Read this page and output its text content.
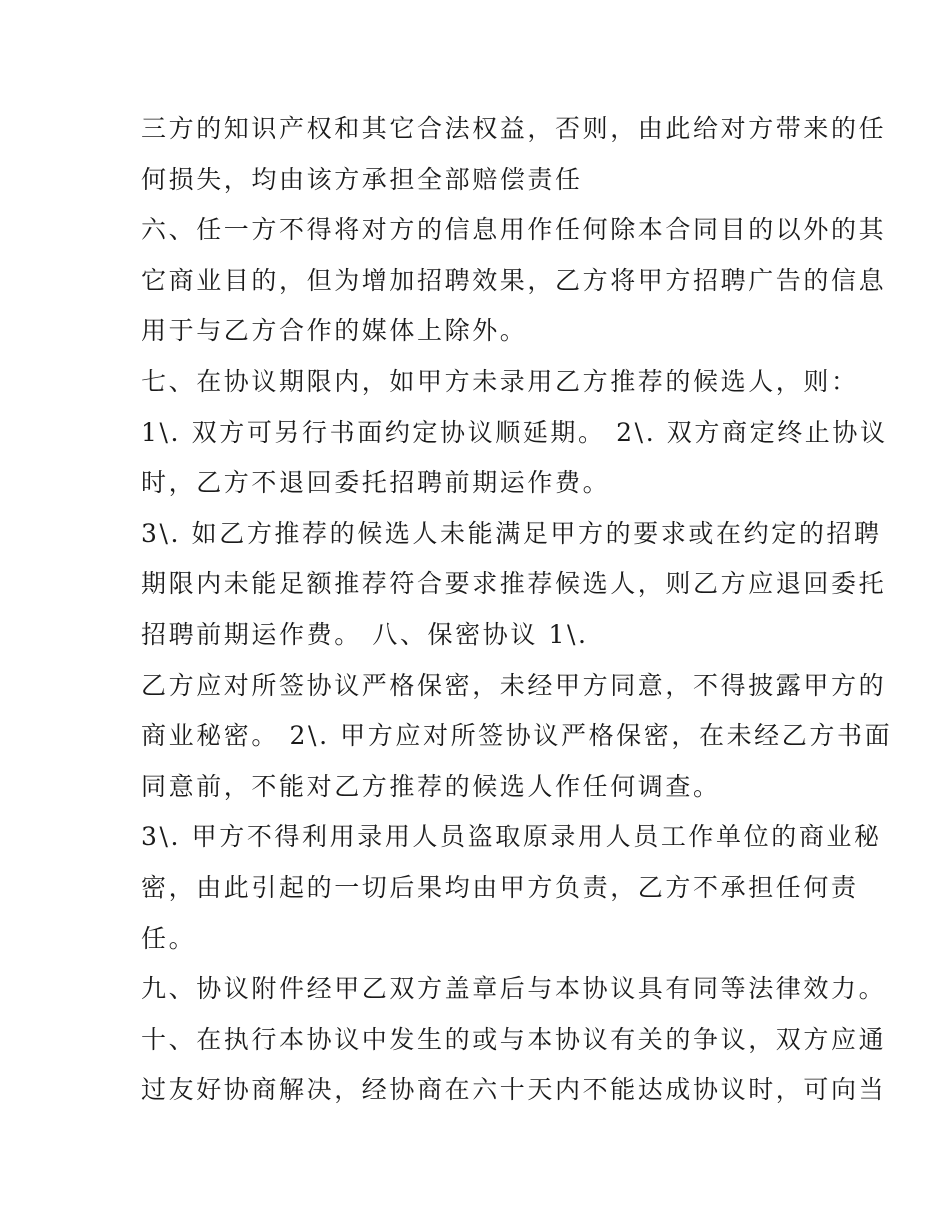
三方的知识产权和其它合法权益，否则，由此给对方带来的任
何损失，均由该方承担全部赔偿责任
六、任一方不得将对方的信息用作任何除本合同目的以外的其
它商业目的，但为增加招聘效果，乙方将甲方招聘广告的信息
用于与乙方合作的媒体上除外。
七、在协议期限内，如甲方未录用乙方推荐的候选人，则：
1\. 双方可另行书面约定协议顺延期。 2\. 双方商定终止协议
时，乙方不退回委托招聘前期运作费。
3\. 如乙方推荐的候选人未能满足甲方的要求或在约定的招聘
期限内未能足额推荐符合要求推荐候选人，则乙方应退回委托
招聘前期运作费。 八、保密协议 1\.
乙方应对所签协议严格保密，未经甲方同意，不得披露甲方的
商业秘密。 2\. 甲方应对所签协议严格保密，在未经乙方书面
同意前，不能对乙方推荐的候选人作任何调查。
3\. 甲方不得利用录用人员盗取原录用人员工作单位的商业秘
密，由此引起的一切后果均由甲方负责，乙方不承担任何责
任。
九、协议附件经甲乙双方盖章后与本协议具有同等法律效力。
十、在执行本协议中发生的或与本协议有关的争议，双方应通
过友好协商解决，经协商在六十天内不能达成协议时，可向当
